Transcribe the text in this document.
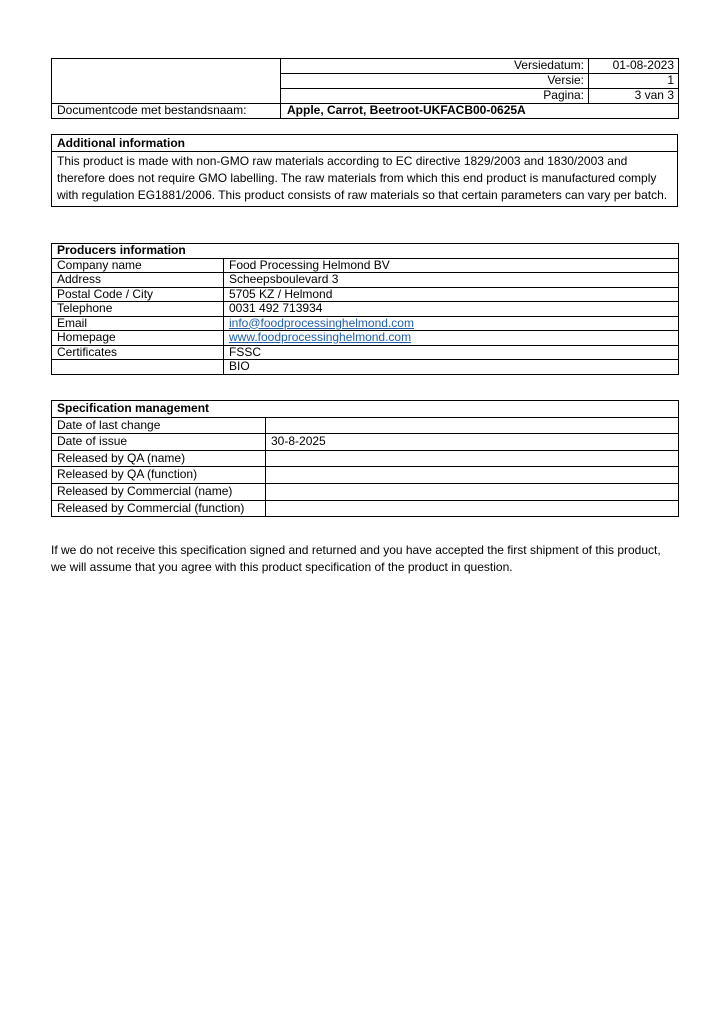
	Versiedatum:	01-08-2023
	Versie:	1
	Pagina:	3 van 3
Documentcode met bestandsnaam:	Apple, Carrot, Beetroot-UKFACB00-0625A	
Additional information
This product is made with non-GMO raw materials according to EC directive 1829/2003 and 1830/2003 and therefore does not require GMO labelling. The raw materials from which this end product is manufactured comply with regulation EG1881/2006. This product consists of raw materials so that certain parameters can vary per batch.
Producers information	
Company name	Food Processing Helmond BV
Address	Scheepsboulevard 3
Postal Code / City	5705 KZ / Helmond
Telephone	0031 492 713934
Email	info@foodprocessinghelmond.com
Homepage	www.foodprocessinghelmond.com
Certificates	FSSC
	BIO
Specification management	
Date of last change	
Date of issue	30-8-2025
Released by QA (name)	
Released by QA (function)	
Released by Commercial (name)	
Released by Commercial (function)	
If we do not receive this specification signed and returned and you have accepted the first shipment of this product, we will assume that you agree with this product specification of the product in question.
